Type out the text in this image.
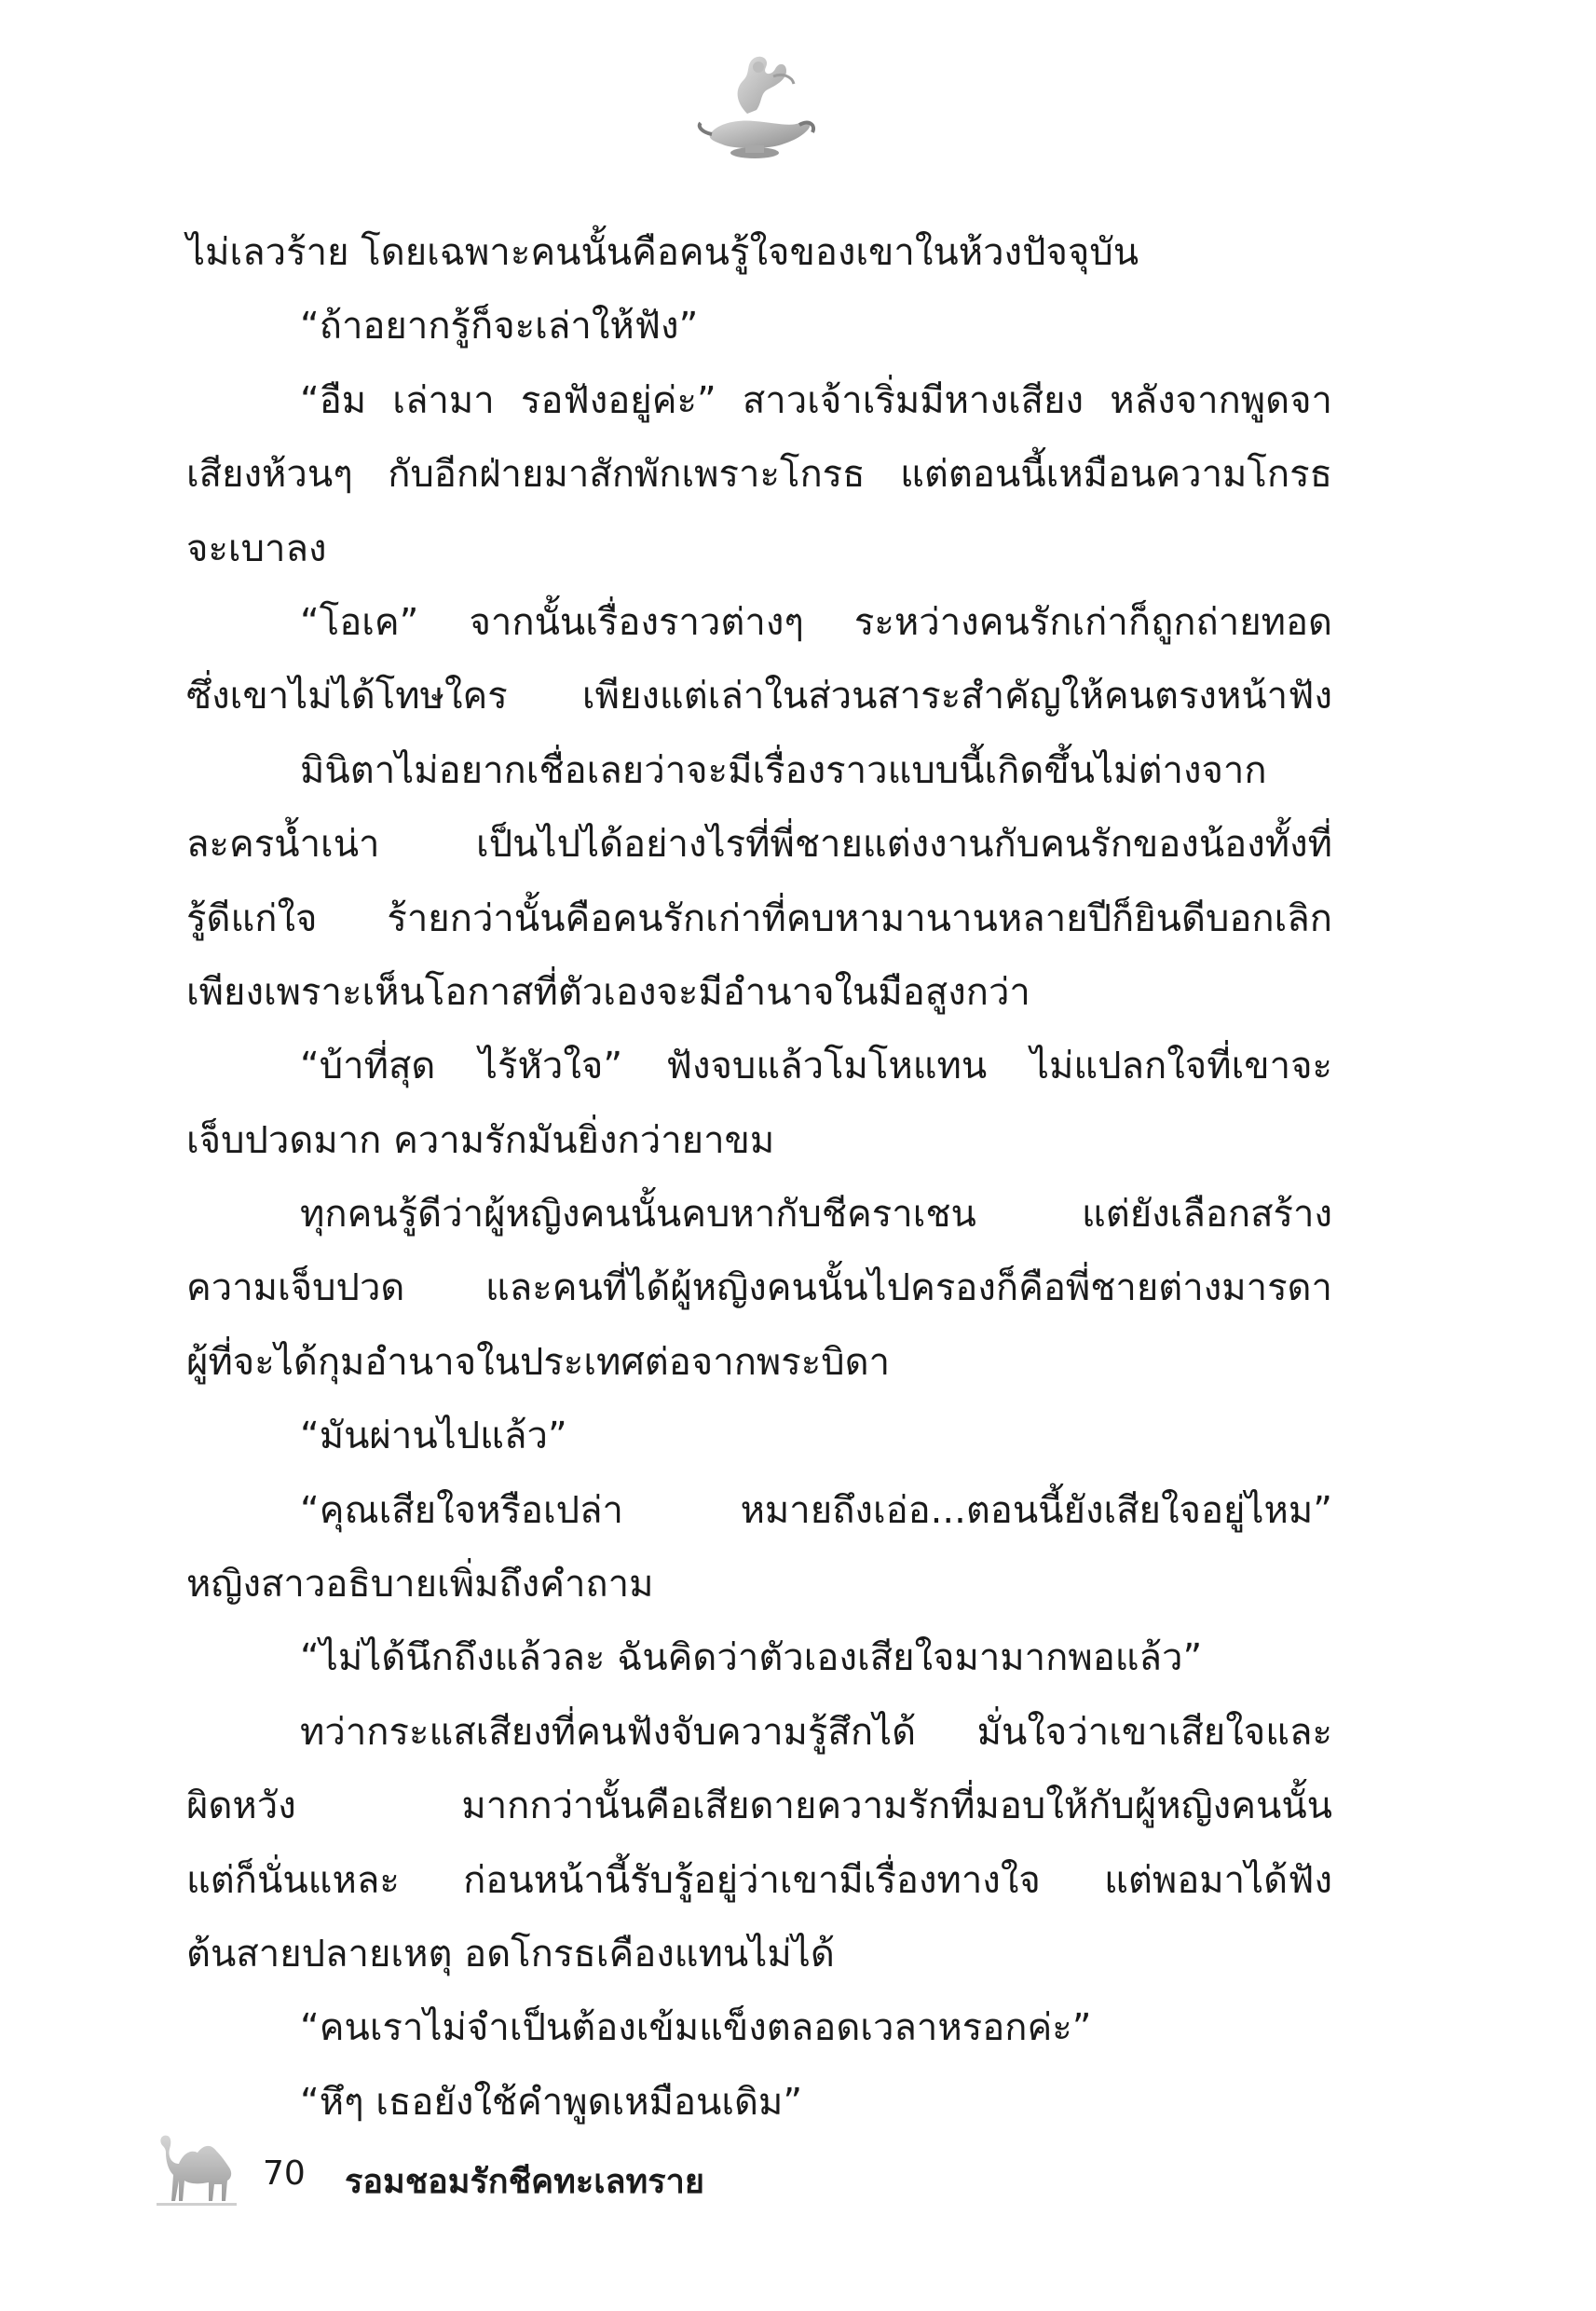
ไม่เลวร้าย โดยเฉพาะคนนั้นคือคนรู้ใจของเขาในห้วงปัจจุบัน
“ถ้าอยากรู้ก็จะเล่าให้ฟัง”
“อืม เล่ามา รอฟังอยู่ค่ะ” สาวเจ้าเริ่มมีหางเสียง หลังจากพูดจา
เสียงห้วนๆ กับอีกฝ่ายมาสักพักเพราะโกรธ แต่ตอนนี้เหมือนความโกรธ
จะเบาลง
“โอเค” จากนั้นเรื่องราวต่างๆ ระหว่างคนรักเก่าก็ถูกถ่ายทอด
ซึ่งเขาไม่ได้โทษใคร เพียงแต่เล่าในส่วนสาระสำคัญให้คนตรงหน้าฟัง
มินิตาไม่อยากเชื่อเลยว่าจะมีเรื่องราวแบบนี้เกิดขึ้นไม่ต่างจาก
ละครน้ำเน่า เป็นไปได้อย่างไรที่พี่ชายแต่งงานกับคนรักของน้องทั้งที่
รู้ดีแก่ใจ ร้ายกว่านั้นคือคนรักเก่าที่คบหามานานหลายปีก็ยินดีบอกเลิก
เพียงเพราะเห็นโอกาสที่ตัวเองจะมีอำนาจในมือสูงกว่า
“บ้าที่สุด ไร้หัวใจ” ฟังจบแล้วโมโหแทน ไม่แปลกใจที่เขาจะ
เจ็บปวดมาก ความรักมันยิ่งกว่ายาขม
ทุกคนรู้ดีว่าผู้หญิงคนนั้นคบหากับชีคราเชน แต่ยังเลือกสร้าง
ความเจ็บปวด และคนที่ได้ผู้หญิงคนนั้นไปครองก็คือพี่ชายต่างมารดา
ผู้ที่จะได้กุมอำนาจในประเทศต่อจากพระบิดา
“มันผ่านไปแล้ว”
“คุณเสียใจหรือเปล่า หมายถึงเอ่อ...ตอนนี้ยังเสียใจอยู่ไหม”
หญิงสาวอธิบายเพิ่มถึงคำถาม
“ไม่ได้นึกถึงแล้วละ ฉันคิดว่าตัวเองเสียใจมามากพอแล้ว”
ทว่ากระแสเสียงที่คนฟังจับความรู้สึกได้ มั่นใจว่าเขาเสียใจและ
ผิดหวัง มากกว่านั้นคือเสียดายความรักที่มอบให้กับผู้หญิงคนนั้น
แต่ก็นั่นแหละ ก่อนหน้านี้รับรู้อยู่ว่าเขามีเรื่องทางใจ แต่พอมาได้ฟัง
ต้นสายปลายเหตุ อดโกรธเคืองแทนไม่ได้
“คนเราไม่จำเป็นต้องเข้มแข็งตลอดเวลาหรอกค่ะ”
“หึๆ เธอยังใช้คำพูดเหมือนเดิม”
70 รอมชอมรักชีคทะเลทราย
